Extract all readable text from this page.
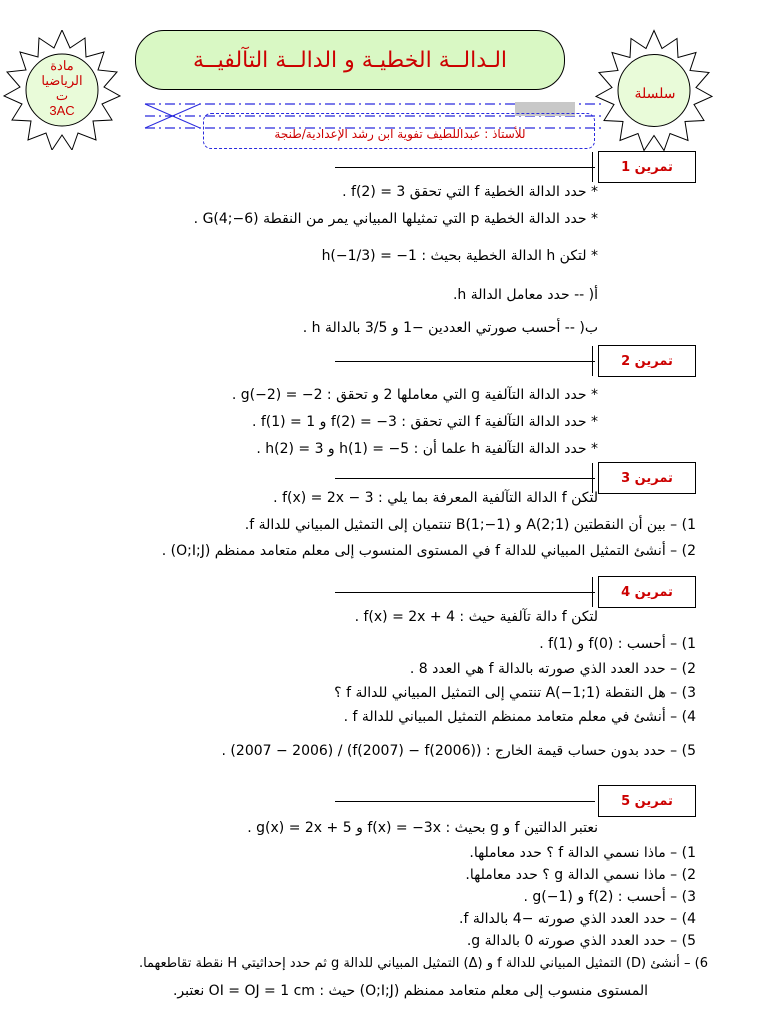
مادة
الرياضيا
ت
3AC
سلسلة
الـدالــة الخطيـة و الدالــة التآلفيــة
للأستاذ : عبداللطيف تفوية ابن رشد الإعدادية/طنجة
تمرين 1
تمرين 2
تمرين 3
تمرين 4
تمرين 5
* حدد الدالة الخطية f التي تحقق f(2) = 3 .
* حدد الدالة الخطية p التي تمثيلها المبياني يمر من النقطة G(4;−6) .
* لتكن h الدالة الخطية بحيث : h(−1/3) = −1
أ( -- حدد معامل الدالة h.
ب( -- أحسب صورتي العددين −1 و 3/5 بالدالة h .
* حدد الدالة التآلفية g التي معاملها 2 و تحقق : g(−2) = −2 .
* حدد الدالة التآلفية f التي تحقق : f(2) = −3 و f(1) = 1 .
* حدد الدالة التآلفية h علما أن : h(1) = −5 و h(2) = 3 .
لتكن f الدالة التآلفية المعرفة بما يلي : f(x) = 2x − 3 .
1) – بين أن النقطتين A(2;1) و B(1;−1) تنتميان إلى التمثيل المبياني للدالة f.
2) – أنشئ التمثيل المبياني للدالة f في المستوى المنسوب إلى معلم متعامد ممنظم (O;I;J) .
لتكن f دالة تآلفية حيث : f(x) = 2x + 4 .
1) – أحسب : f(0) و f(1) .
2) – حدد العدد الذي صورته بالدالة f هي العدد 8 .
3) – هل النقطة A(−1;1) تنتمي إلى التمثيل المبياني للدالة f ؟
4) – أنشئ في معلم متعامد ممنظم التمثيل المبياني للدالة f .
5) – حدد بدون حساب قيمة الخارج : (f(2007) − f(2006)) / (2007 − 2006) .
نعتبر الدالتين f و g بحيث : f(x) = −3x و g(x) = 2x + 5 .
1) – ماذا نسمي الدالة f ؟ حدد معاملها.
2) – ماذا نسمي الدالة g ؟ حدد معاملها.
3) – أحسب : f(2) و g(−1) .
4) – حدد العدد الذي صورته −4 بالدالة f.
5) – حدد العدد الذي صورته 0 بالدالة g.
6) – أنشئ (D) التمثيل المبياني للدالة f و (Δ) التمثيل المبياني للدالة g ثم حدد إحداثيتي H نقطة تقاطعهما.
المستوى منسوب إلى معلم متعامد ممنظم (O;I;J) حيث : OI = OJ = 1 cm نعتبر.
